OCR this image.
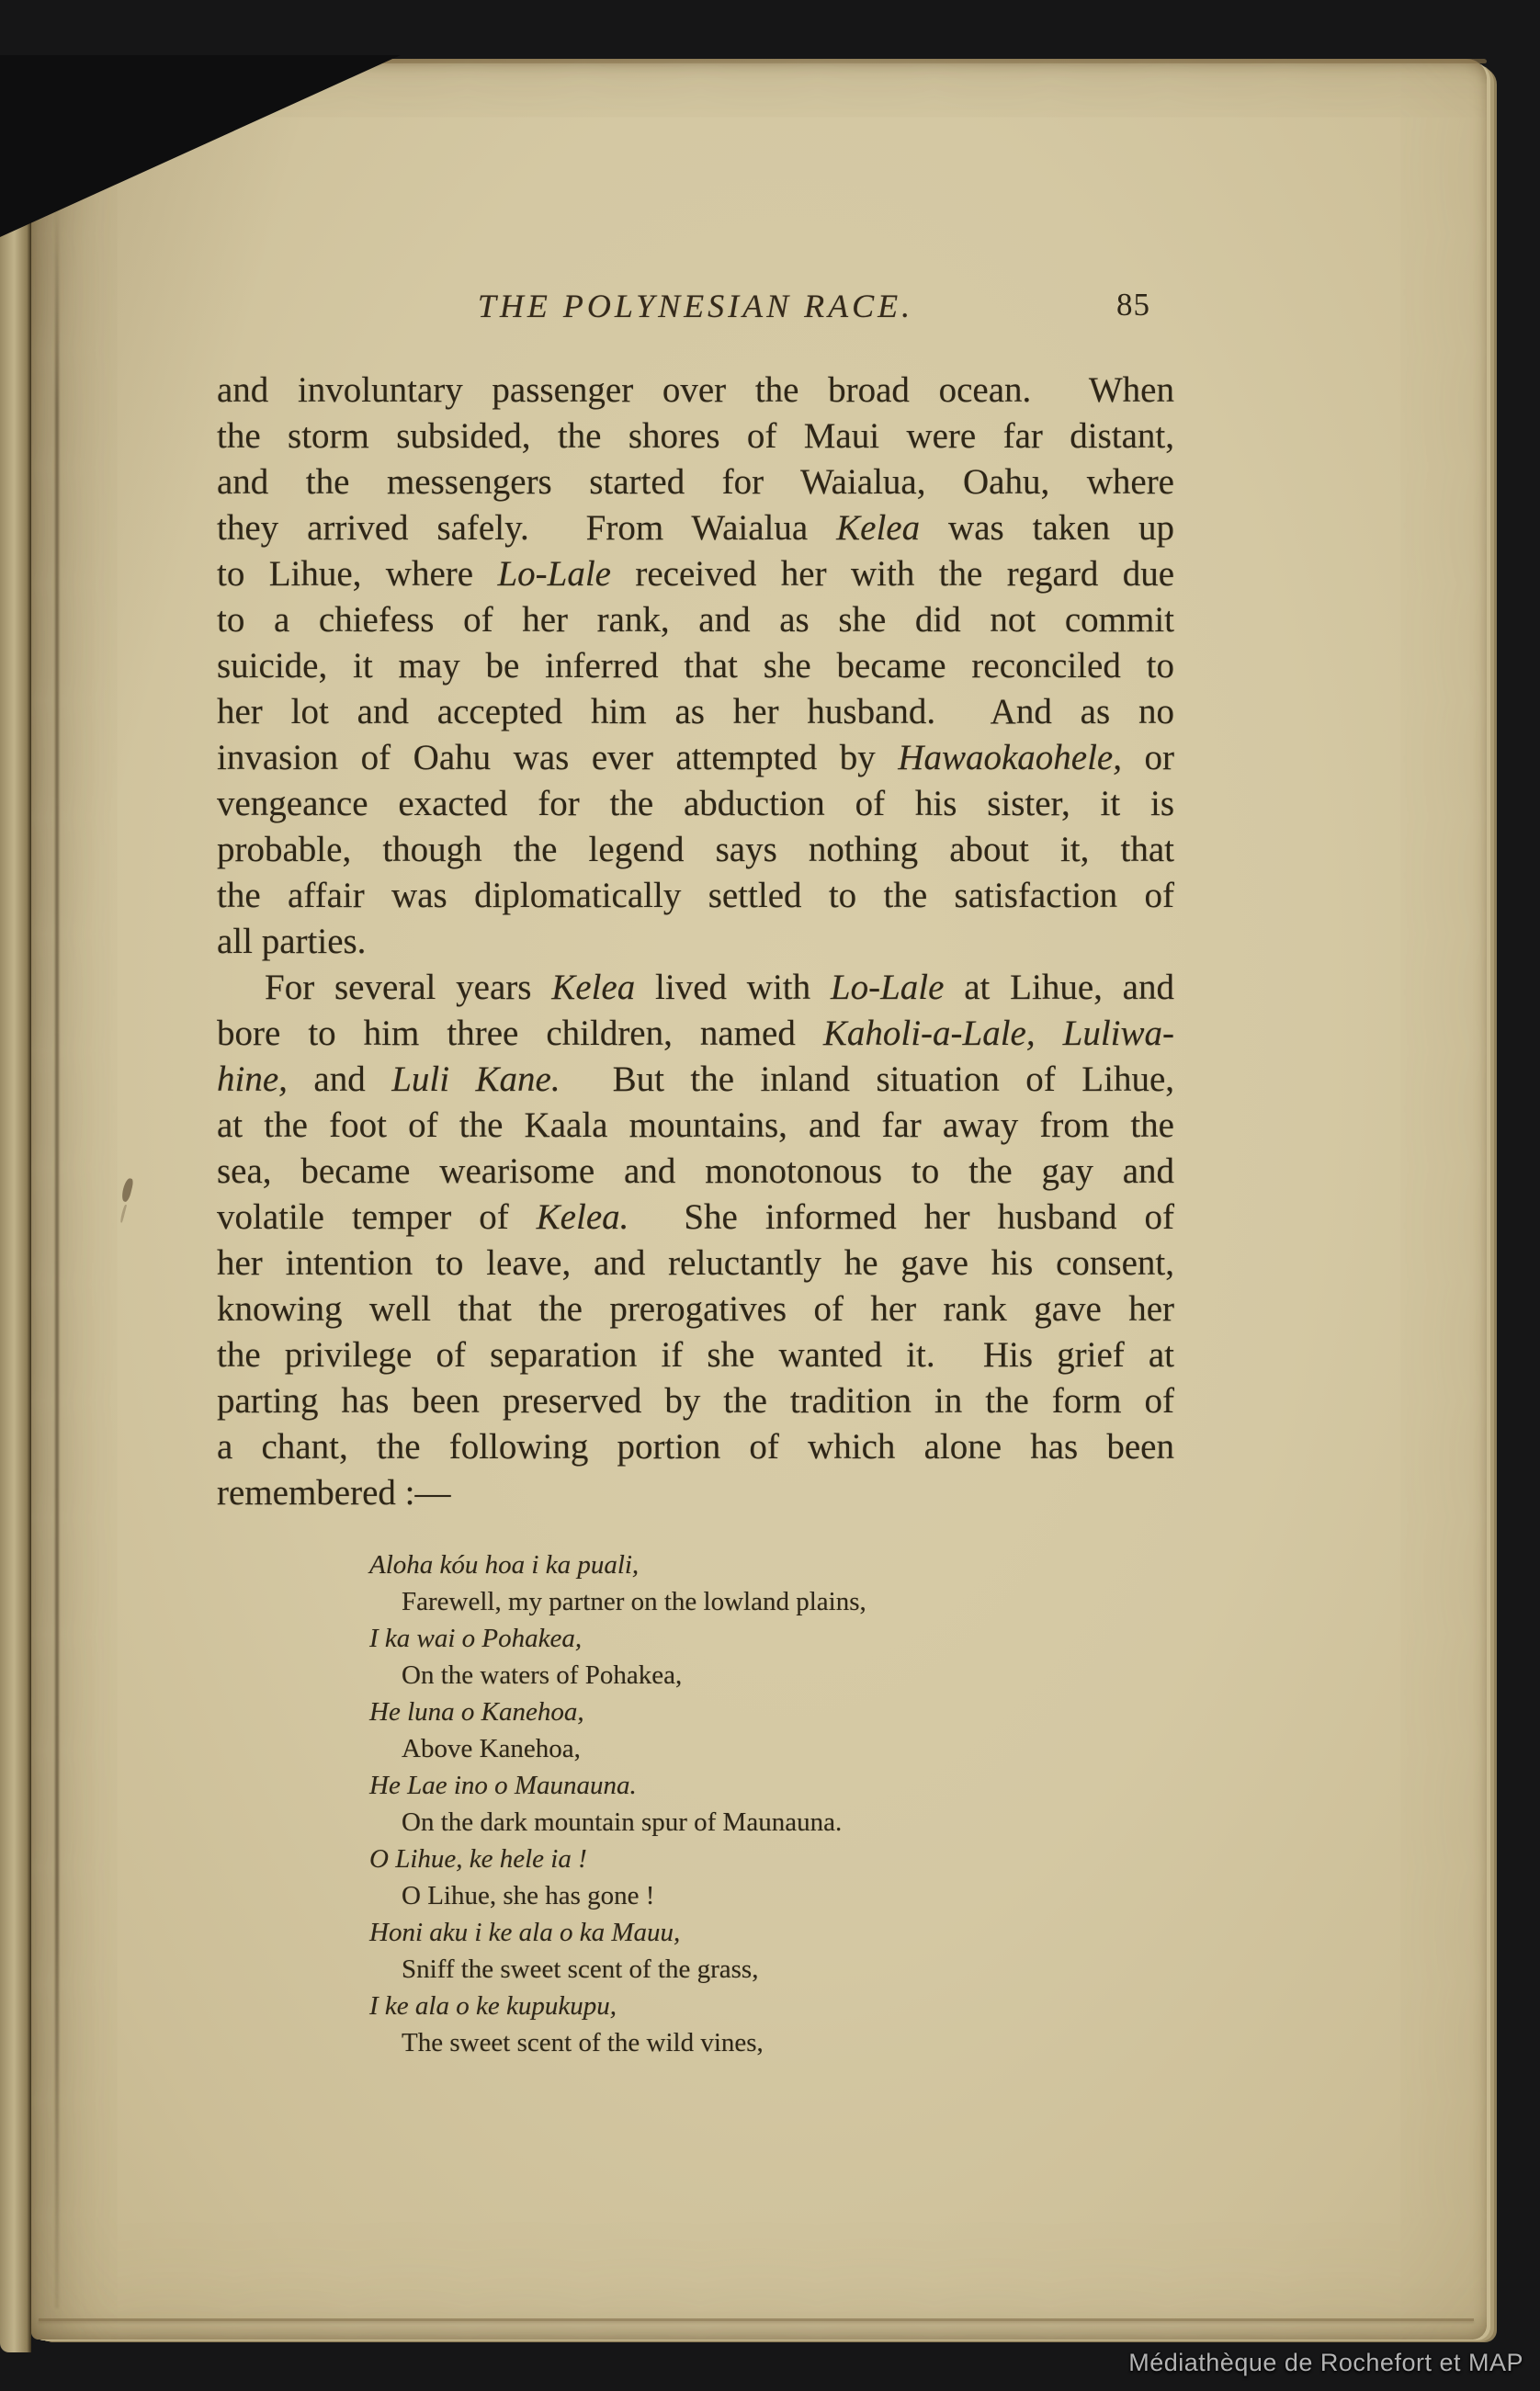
THE POLYNESIAN RACE.	85
and involuntary passenger over the broad ocean.  When
the storm subsided, the shores of Maui were far distant,
and the messengers started for Waialua, Oahu, where
they arrived safely.  From Waialua Kelea was taken up
to Lihue, where Lo-Lale received her with the regard due
to a chiefess of her rank, and as she did not commit
suicide, it may be inferred that she became reconciled to
her lot and accepted him as her husband.  And as no
invasion of Oahu was ever attempted by Hawaokaohele, or
vengeance exacted for the abduction of his sister, it is
probable, though the legend says nothing about it, that
the affair was diplomatically settled to the satisfaction of
all parties.
For several years Kelea lived with Lo-Lale at Lihue, and
bore to him three children, named Kaholi-a-Lale, Luliwa-
hine, and Luli Kane.  But the inland situation of Lihue,
at the foot of the Kaala mountains, and far away from the
sea, became wearisome and monotonous to the gay and
volatile temper of Kelea.  She informed her husband of
her intention to leave, and reluctantly he gave his consent,
knowing well that the prerogatives of her rank gave her
the privilege of separation if she wanted it.  His grief at
parting has been preserved by the tradition in the form of
a chant, the following portion of which alone has been
remembered :—
Aloha kóu hoa i ka puali,
Farewell, my partner on the lowland plains,
I ka wai o Pohakea,
On the waters of Pohakea,
He luna o Kanehoa,
Above Kanehoa,
He Lae ino o Maunauna.
On the dark mountain spur of Maunauna.
O Lihue, ke hele ia !
O Lihue, she has gone !
Honi aku i ke ala o ka Mauu,
Sniff the sweet scent of the grass,
I ke ala o ke kupukupu,
The sweet scent of the wild vines,
Médiathèque de Rochefort et MAP
